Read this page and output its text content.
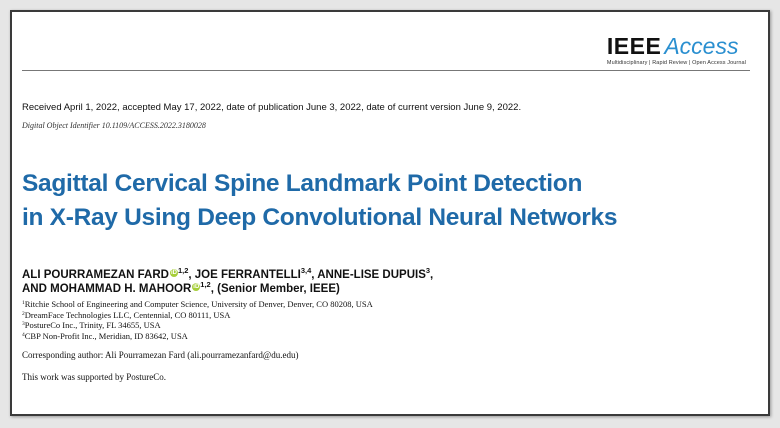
IEEE Access
Multidisciplinary | Rapid Review | Open Access Journal
Received April 1, 2022, accepted May 17, 2022, date of publication June 3, 2022, date of current version June 9, 2022.
Digital Object Identifier 10.1109/ACCESS.2022.3180028
Sagittal Cervical Spine Landmark Point Detection
in X-Ray Using Deep Convolutional Neural Networks
ALI POURRAMEZAN FARD iD$^{1,2}$, JOE FERRANTELLI$^{3,4}$, ANNE-LISE DUPUIS$^3$,
AND MOHAMMAD H. MAHOOR iD$^{1,2}$, (Senior Member, IEEE)
$^1$Ritchie School of Engineering and Computer Science, University of Denver, Denver, CO 80208, USA
$^2$DreamFace Technologies LLC, Centennial, CO 80111, USA
$^3$PostureCo Inc., Trinity, FL 34655, USA
$^4$CBP Non-Profit Inc., Meridian, ID 83642, USA
Corresponding author: Ali Pourramezan Fard (ali.pourramezanfard@du.edu)
This work was supported by PostureCo.
